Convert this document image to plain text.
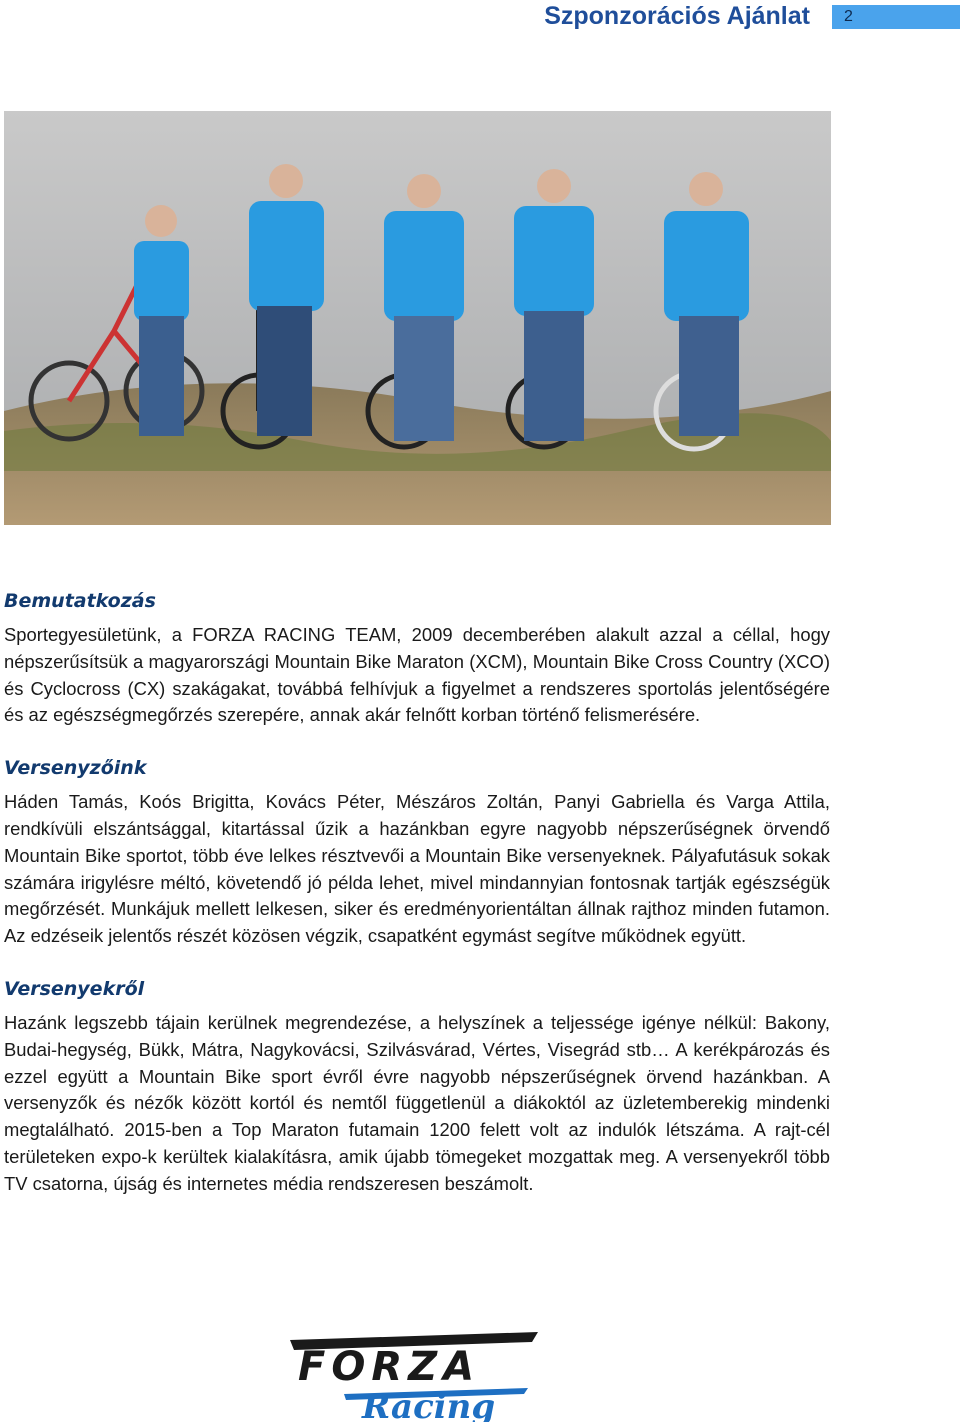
Szponzorációs Ajánlat	2
Bemutatkozás

Sportegyesületünk, a FORZA RACING TEAM, 2009 decemberében alakult azzal a céllal, hogy népszerűsítsük a magyarországi Mountain Bike Maraton (XCM), Mountain Bike Cross Country (XCO) és Cyclocross (CX) szakágakat, továbbá felhívjuk a figyelmet a rendszeres sportolás jelentőségére és az egészségmegőrzés szerepére, annak akár felnőtt korban történő felismerésére.

Versenyzőink

Háden Tamás, Koós Brigitta, Kovács Péter, Mészáros Zoltán, Panyi Gabriella és Varga Attila, rendkívüli elszántsággal, kitartással űzik a hazánkban egyre nagyobb népszerűségnek örvendő Mountain Bike sportot, több éve lelkes résztvevői a Mountain Bike versenyeknek. Pályafutásuk sokak számára irigylésre méltó, követendő jó példa lehet, mivel mindannyian fontosnak tartják egészségük megőrzését. Munkájuk mellett lelkesen, siker és eredményorientáltan állnak rajthoz minden futamon. Az edzéseik jelentős részét közösen végzik, csapatként egymást segítve működnek együtt.

Versenyekről

Hazánk legszebb tájain kerülnek megrendezése, a helyszínek a teljessége igénye nélkül: Bakony, Budai-hegység, Bükk, Mátra, Nagykovácsi, Szilvásvárad, Vértes, Visegrád stb… A kerékpározás és ezzel együtt a Mountain Bike sport évről évre nagyobb népszerűségnek örvend hazánkban. A versenyzők és nézők között kortól és nemtől függetlenül a diákoktól az üzletemberekig mindenki megtalálható. 2015-ben a Top Maraton futamain 1200 felett volt az indulók létszáma. A rajt-cél területeken expo-k kerültek kialakításra, amik újabb tömegeket mozgattak meg. A versenyekről több TV csatorna, újság és internetes média rendszeresen beszámolt.

FORZA
Racing
